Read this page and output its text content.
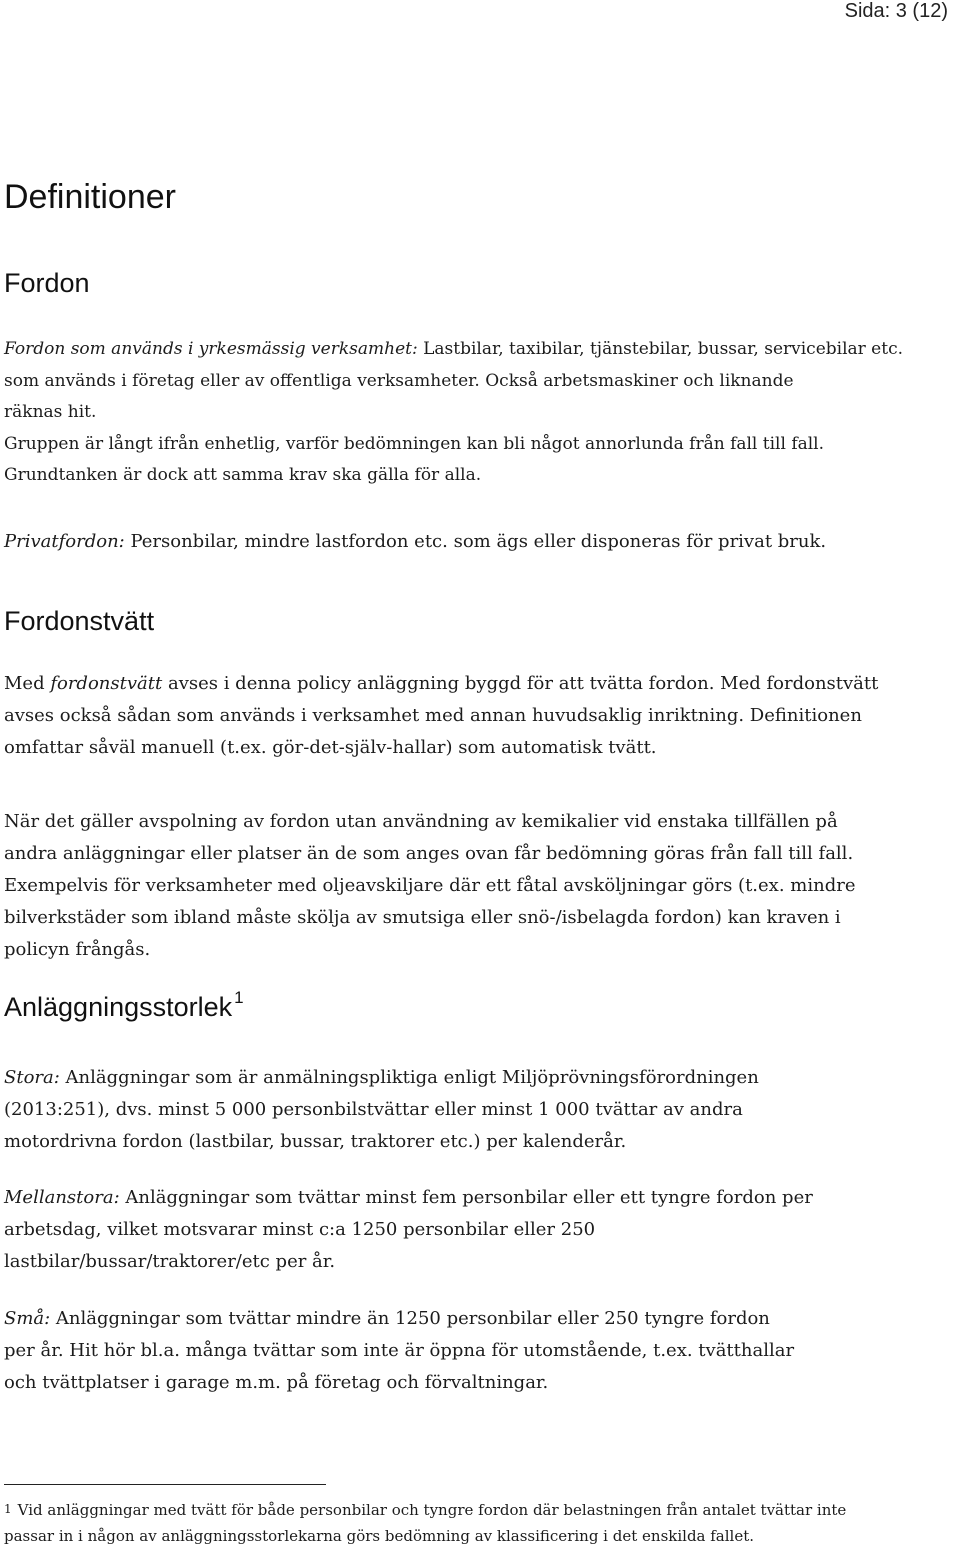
Sida: 3 (12)
Definitioner
Fordon
Fordon som används i yrkesmässig verksamhet: Lastbilar, taxibilar, tjänstebilar, bussar, servicebilar etc.
som används i företag eller av offentliga verksamheter. Också arbetsmaskiner och liknande
räknas hit.
Gruppen är långt ifrån enhetlig, varför bedömningen kan bli något annorlunda från fall till fall.
Grundtanken är dock att samma krav ska gälla för alla.
Privatfordon: Personbilar, mindre lastfordon etc. som ägs eller disponeras för privat bruk.
Fordonstvätt
Med fordonstvätt avses i denna policy anläggning byggd för att tvätta fordon. Med fordonstvätt
avses också sådan som används i verksamhet med annan huvudsaklig inriktning. Definitionen
omfattar såväl manuell (t.ex. gör-det-själv-hallar) som automatisk tvätt.
När det gäller avspolning av fordon utan användning av kemikalier vid enstaka tillfällen på
andra anläggningar eller platser än de som anges ovan får bedömning göras från fall till fall.
Exempelvis för verksamheter med oljeavskiljare där ett fåtal avsköljningar görs (t.ex. mindre
bilverkstäder som ibland måste skölja av smutsiga eller snö-/isbelagda fordon) kan kraven i
policyn frångås.
Anläggningsstorlek $^1$
Stora: Anläggningar som är anmälningspliktiga enligt Miljöprövningsförordningen
(2013:251), dvs. minst 5 000 personbilstvättar eller minst 1 000 tvättar av andra
motordrivna fordon (lastbilar, bussar, traktorer etc.) per kalenderår.
Mellanstora: Anläggningar som tvättar minst fem personbilar eller ett tyngre fordon per
arbetsdag, vilket motsvarar minst c:a 1250 personbilar eller 250
lastbilar/bussar/traktorer/etc per år.
Små: Anläggningar som tvättar mindre än 1250 personbilar eller 250 tyngre fordon
per år. Hit hör bl.a. många tvättar som inte är öppna för utomstående, t.ex. tvätthallar
och tvättplatser i garage m.m. på företag och förvaltningar.
$^1$ Vid anläggningar med tvätt för både personbilar och tyngre fordon där belastningen från antalet tvättar inte
passar in i någon av anläggningsstorlekarna görs bedömning av klassificering i det enskilda fallet.
